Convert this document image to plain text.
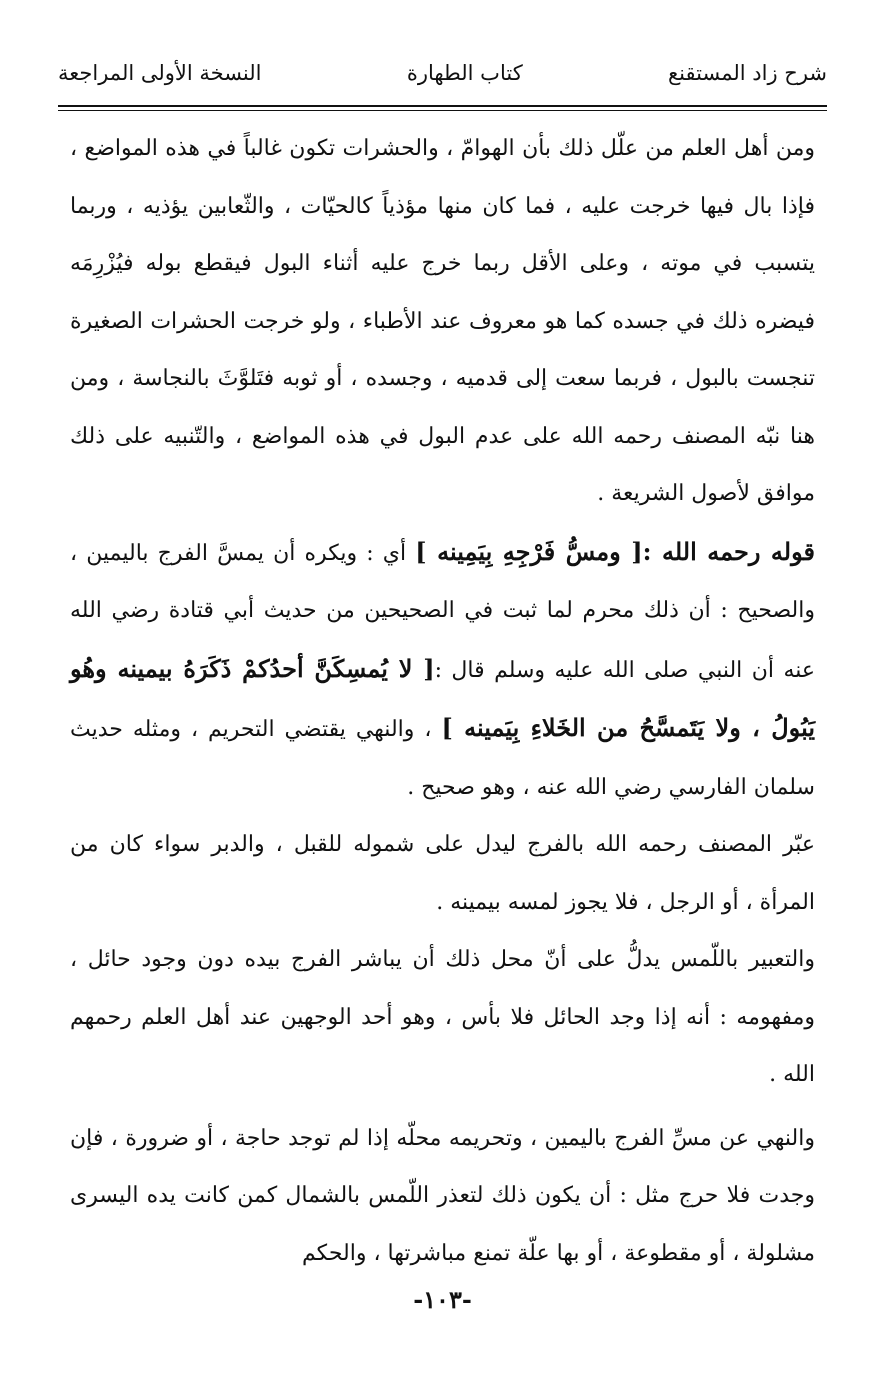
شرح زاد المستقنع
كتاب الطهارة
النسخة الأولى المراجعة

ومن أهل العلم من علّل ذلك بأن الهوامّ ، والحشرات تكون غالباً في هذه المواضع ، فإذا بال فيها خرجت عليه ، فما كان منها مؤذياً كالحيّات ، والثّعابين يؤذيه ، وربما يتسبب في موته ، وعلى الأقل ربما خرج عليه أثناء البول فيقطع بوله فيُزْرِمَه فيضره ذلك في جسده كما هو معروف عند الأطباء ، ولو خرجت الحشرات الصغيرة تنجست بالبول ، فربما سعت إلى قدميه ، وجسده ، أو ثوبه فتَلوَّثَ بالنجاسة ، ومن هنا نبّه المصنف رحمه الله على عدم البول في هذه المواضع ، والتّنبيه على ذلك موافق لأصول الشريعة .

قوله رحمه الله :[ ومسُّ فَرْجِهِ بِيَمِينه ] أي : ويكره أن يمسَّ الفرج باليمين ، والصحيح : أن ذلك محرم لما ثبت في الصحيحين من حديث أبي قتادة رضي الله عنه أن النبي صلى الله عليه وسلم قال :[ لا يُمسِكَنَّ أحدُكمْ ذَكَرَهُ بيمينه وهُو يَبُولُ ، ولا يَتَمسَّحُ من الخَلاءِ بِيَمينه ] ، والنهي يقتضي التحريم ، ومثله حديث سلمان الفارسي رضي الله عنه ، وهو صحيح .

عبّر المصنف رحمه الله بالفرج ليدل على شموله للقبل ، والدبر سواء كان من المرأة ، أو الرجل ، فلا يجوز لمسه بيمينه .

والتعبير باللّمس يدلُّ على أنّ محل ذلك أن يباشر الفرج بيده دون وجود حائل ، ومفهومه : أنه إذا وجد الحائل فلا بأس ، وهو أحد الوجهين عند أهل العلم رحمهم الله .

والنهي عن مسِّ الفرج باليمين ، وتحريمه محلّه إذا لم توجد حاجة ، أو ضرورة ، فإن وجدت فلا حرج مثل : أن يكون ذلك لتعذر اللّمس بالشمال كمن كانت يده اليسرى مشلولة ، أو مقطوعة ، أو بها علّة تمنع مباشرتها ، والحكم

-١٠٣-
